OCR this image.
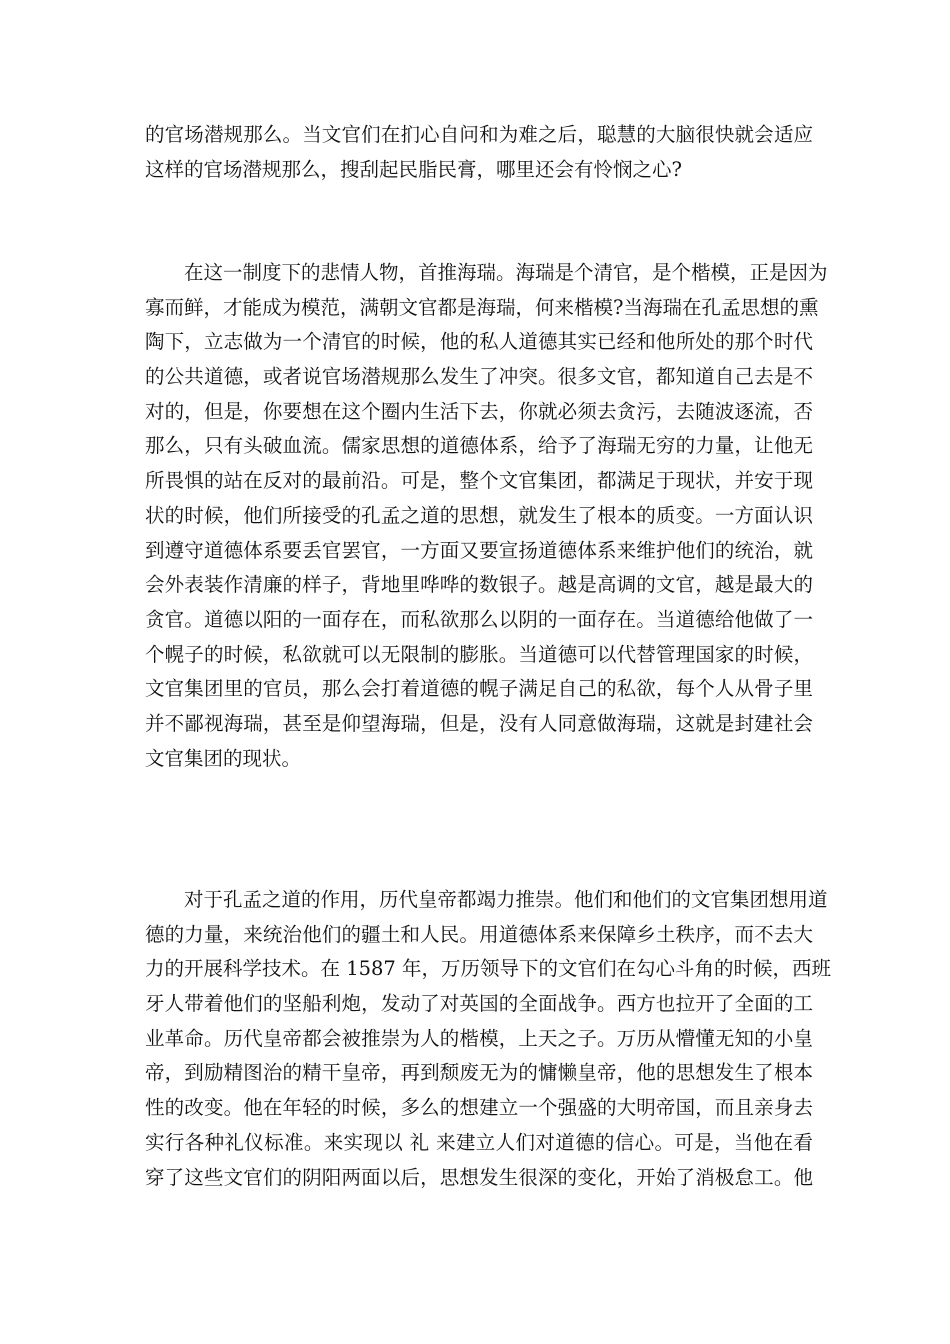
的官场潜规那么。当文官们在扪心自问和为难之后，聪慧的大脑很快就会适应
这样的官场潜规那么，搜刮起民脂民膏，哪里还会有怜悯之心?
　　在这一制度下的悲情人物，首推海瑞。海瑞是个清官，是个楷模，正是因为
寡而鲜，才能成为模范，满朝文官都是海瑞，何来楷模?当海瑞在孔孟思想的熏
陶下，立志做为一个清官的时候，他的私人道德其实已经和他所处的那个时代
的公共道德，或者说官场潜规那么发生了冲突。很多文官，都知道自己去是不
对的，但是，你要想在这个圈内生活下去，你就必须去贪污，去随波逐流，否
那么，只有头破血流。儒家思想的道德体系，给予了海瑞无穷的力量，让他无
所畏惧的站在反对的最前沿。可是，整个文官集团，都满足于现状，并安于现
状的时候，他们所接受的孔孟之道的思想，就发生了根本的质变。一方面认识
到遵守道德体系要丢官罢官，一方面又要宣扬道德体系来维护他们的统治，就
会外表装作清廉的样子，背地里哗哗的数银子。越是高调的文官，越是最大的
贪官。道德以阳的一面存在，而私欲那么以阴的一面存在。当道德给他做了一
个幌子的时候，私欲就可以无限制的膨胀。当道德可以代替管理国家的时候，
文官集团里的官员，那么会打着道德的幌子满足自己的私欲，每个人从骨子里
并不鄙视海瑞，甚至是仰望海瑞，但是，没有人同意做海瑞，这就是封建社会
文官集团的现状。
　　对于孔孟之道的作用，历代皇帝都竭力推崇。他们和他们的文官集团想用道
德的力量，来统治他们的疆土和人民。用道德体系来保障乡土秩序，而不去大
力的开展科学技术。在 1587 年，万历领导下的文官们在勾心斗角的时候，西班
牙人带着他们的坚船利炮，发动了对英国的全面战争。西方也拉开了全面的工
业革命。历代皇帝都会被推崇为人的楷模，上天之子。万历从懵懂无知的小皇
帝，到励精图治的精干皇帝，再到颓废无为的慵懒皇帝，他的思想发生了根本
性的改变。他在年轻的时候，多么的想建立一个强盛的大明帝国，而且亲身去
实行各种礼仪标准。来实现以 礼 来建立人们对道德的信心。可是，当他在看
穿了这些文官们的阴阳两面以后，思想发生很深的变化，开始了消极怠工。他
